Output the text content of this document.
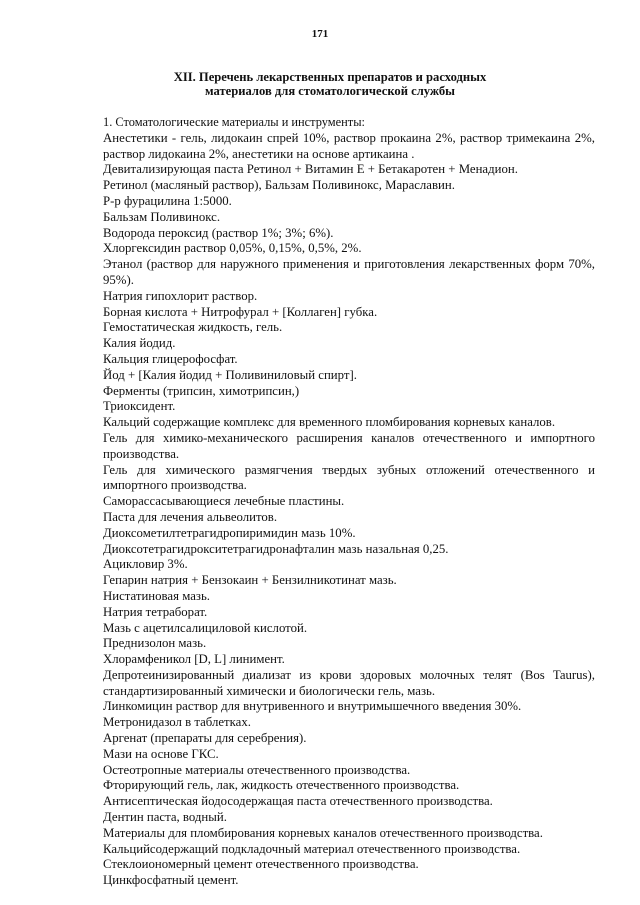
171
XII. Перечень лекарственных препаратов и расходных
материалов для стоматологической службы

1. Стоматологические материалы и инструменты:

Анестетики - гель, лидокаин спрей 10%, раствор прокаина 2%, раствор тримекаина 2%, раствор лидокаина 2%, анестетики на основе артикаина .

Девитализирующая паста Ретинол + Витамин Е + Бетакаротен + Менадион.

Ретинол (масляный раствор), Бальзам Поливинокс, Мараславин.

Р-р фурацилина 1:5000.

Бальзам Поливинокс.

Водорода пероксид (раствор 1%; 3%; 6%).

Хлоргексидин раствор 0,05%, 0,15%, 0,5%, 2%.

Этанол (раствор для наружного применения и приготовления лекарственных форм 70%, 95%).

Натрия гипохлорит раствор.

Борная кислота + Нитрофурал + [Коллаген] губка.

Гемостатическая жидкость, гель.

Калия йодид.

Кальция глицерофосфат.

Йод + [Калия йодид + Поливиниловый спирт].

Ферменты (трипсин, химотрипсин,)

Триоксидент.

Кальций содержащие комплекс для временного пломбирования корневых каналов.

Гель для химико-механического расширения каналов отечественного и импортного производства.

Гель для химического размягчения твердых зубных отложений отечественного и импортного производства.

Саморассасывающиеся лечебные пластины.

Паста для лечения альвеолитов.

Диоксометилтетрагидропиримидин мазь 10%.

Диоксотетрагидрокситетрагидронафталин мазь назальная 0,25.

Ацикловир 3%.

Гепарин натрия + Бензокаин + Бензилникотинат мазь.

Нистатиновая мазь.

Натрия тетраборат.

Мазь с ацетилсалициловой кислотой.

Преднизолон мазь.

Хлорамфеникол [D, L] линимент.

Депротеинизированный диализат из крови здоровых молочных телят (Bos Taurus), стандартизированный химически и биологически гель, мазь.

Линкомицин раствор для внутривенного и внутримышечного введения 30%.

Метронидазол в таблетках.

Аргенат (препараты для серебрения).

Мази на основе ГКС.

Остеотропные материалы отечественного производства.

Фторирующий гель, лак, жидкость отечественного производства.

Антисептическая йодосодержащая паста отечественного производства.

Дентин паста, водный.

Материалы для пломбирования корневых каналов отечественного производства.

Кальцийсодержащий подкладочный материал отечественного производства.

Стеклоиономерный цемент отечественного производства.

Цинкфосфатный цемент.
